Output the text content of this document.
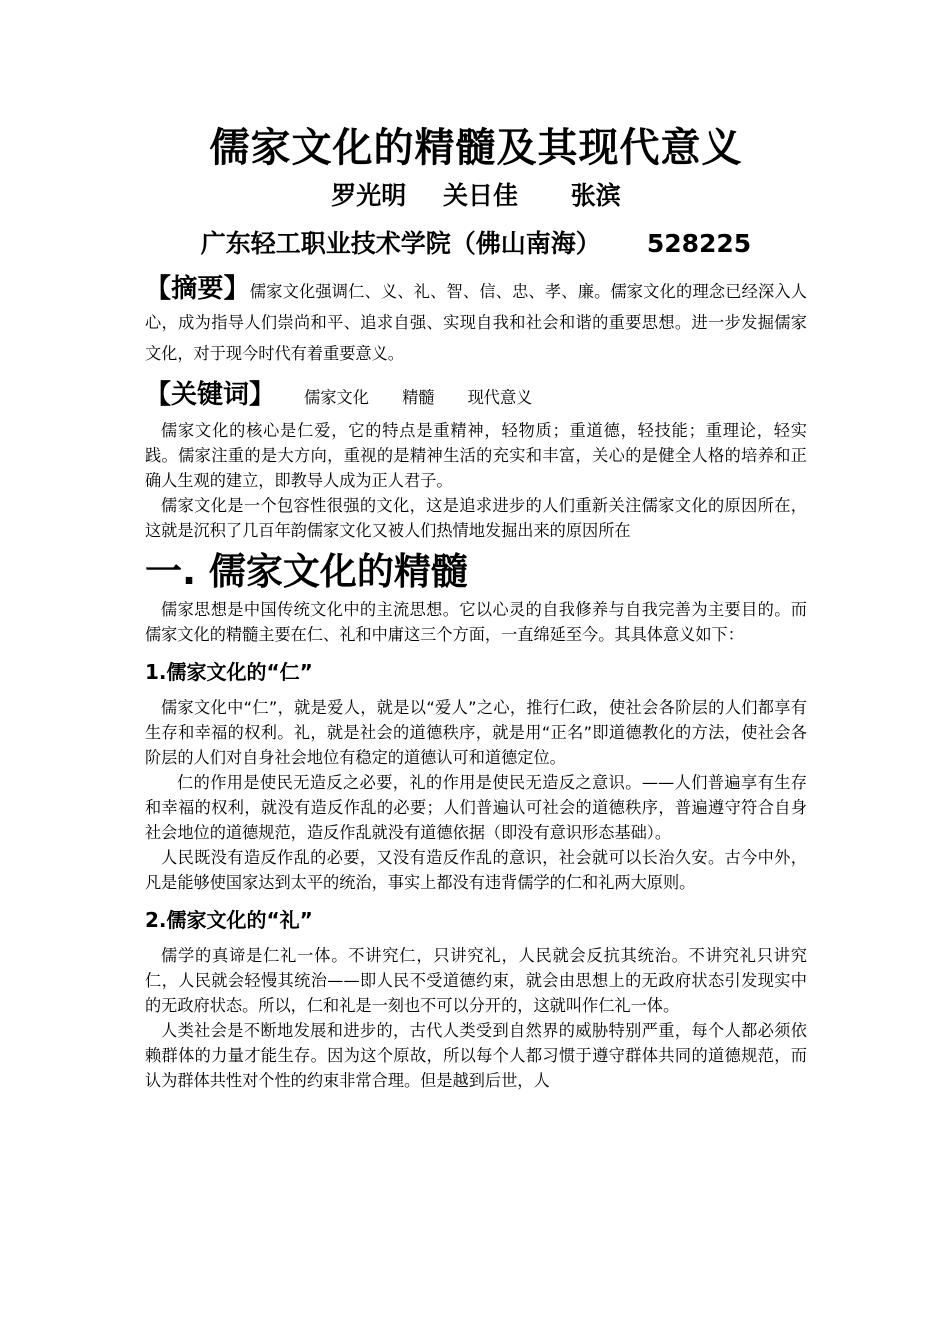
儒家文化的精髓及其现代意义
罗光明 关日佳 张滨
广东轻工职业技术学院（佛山南海） 528225

【摘要】儒家文化强调仁、义、礼、智、信、忠、孝、廉。儒家文化的理念已经深入人心，成为指导人们崇尚和平、追求自强、实现自我和社会和谐的重要思想。进一步发掘儒家文化，对于现今时代有着重要意义。

【关键词】 儒家文化 精髓 现代意义

儒家文化的核心是仁爱，它的特点是重精神，轻物质；重道德，轻技能；重理论，轻实践。儒家注重的是大方向，重视的是精神生活的充实和丰富，关心的是健全人格的培养和正确人生观的建立，即教导人成为正人君子。

儒家文化是一个包容性很强的文化，这是追求进步的人们重新关注儒家文化的原因所在，这就是沉积了几百年韵儒家文化又被人们热情地发掘出来的原因所在

一. 儒家文化的精髓

儒家思想是中国传统文化中的主流思想。它以心灵的自我修养与自我完善为主要目的。而儒家文化的精髓主要在仁、礼和中庸这三个方面，一直绵延至今。其具体意义如下：

1.儒家文化的“仁”

儒家文化中“仁”，就是爱人，就是以“爱人”之心，推行仁政，使社会各阶层的人们都享有生存和幸福的权利。礼，就是社会的道德秩序，就是用“正名”即道德教化的方法，使社会各阶层的人们对自身社会地位有稳定的道德认可和道德定位。

仁的作用是使民无造反之必要，礼的作用是使民无造反之意识。——人们普遍享有生存和幸福的权利，就没有造反作乱的必要；人们普遍认可社会的道德秩序，普遍遵守符合自身社会地位的道德规范，造反作乱就没有道德依据（即没有意识形态基础）。

人民既没有造反作乱的必要，又没有造反作乱的意识，社会就可以长治久安。古今中外，凡是能够使国家达到太平的统治，事实上都没有违背儒学的仁和礼两大原则。

2.儒家文化的“礼”

儒学的真谛是仁礼一体。不讲究仁，只讲究礼，人民就会反抗其统治。不讲究礼只讲究仁，人民就会轻慢其统治——即人民不受道德约束，就会由思想上的无政府状态引发现实中的无政府状态。所以，仁和礼是一刻也不可以分开的，这就叫作仁礼一体。

人类社会是不断地发展和进步的，古代人类受到自然界的威胁特别严重，每个人都必须依赖群体的力量才能生存。因为这个原故，所以每个人都习惯于遵守群体共同的道德规范，而认为群体共性对个性的约束非常合理。但是越到后世，人
